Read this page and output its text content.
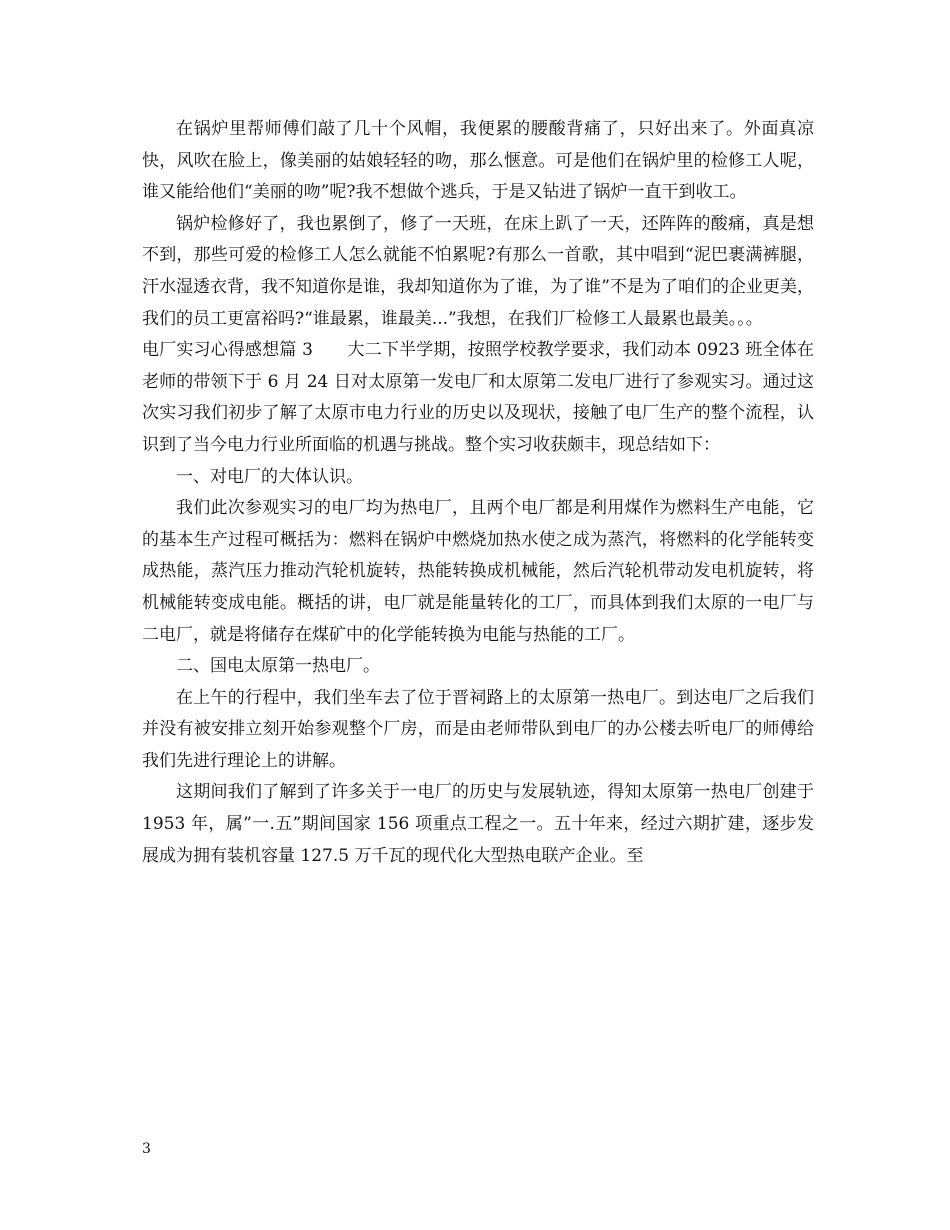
在锅炉里帮师傅们敲了几十个风帽，我便累的腰酸背痛了，只好出来了。外面真凉快，风吹在脸上，像美丽的姑娘轻轻的吻，那么惬意。可是他们在锅炉里的检修工人呢，谁又能给他们“美丽的吻”呢?我不想做个逃兵，于是又钻进了锅炉一直干到收工。

锅炉检修好了，我也累倒了，修了一天班，在床上趴了一天，还阵阵的酸痛，真是想不到，那些可爱的检修工人怎么就能不怕累呢?有那么一首歌，其中唱到“泥巴裹满裤腿，汗水湿透衣背，我不知道你是谁，我却知道你为了谁，为了谁”不是为了咱们的企业更美，我们的员工更富裕吗?“谁最累，谁最美...”我想，在我们厂检修工人最累也最美。。。

电厂实习心得感想篇 3　　大二下半学期，按照学校教学要求，我们动本 0923 班全体在老师的带领下于 6 月 24 日对太原第一发电厂和太原第二发电厂进行了参观实习。通过这次实习我们初步了解了太原市电力行业的历史以及现状，接触了电厂生产的整个流程，认识到了当今电力行业所面临的机遇与挑战。整个实习收获颇丰，现总结如下：

一、对电厂的大体认识。

我们此次参观实习的电厂均为热电厂，且两个电厂都是利用煤作为燃料生产电能，它的基本生产过程可概括为：燃料在锅炉中燃烧加热水使之成为蒸汽，将燃料的化学能转变成热能，蒸汽压力推动汽轮机旋转，热能转换成机械能，然后汽轮机带动发电机旋转，将机械能转变成电能。概括的讲，电厂就是能量转化的工厂，而具体到我们太原的一电厂与二电厂，就是将储存在煤矿中的化学能转换为电能与热能的工厂。

二、国电太原第一热电厂。

在上午的行程中，我们坐车去了位于晋祠路上的太原第一热电厂。到达电厂之后我们并没有被安排立刻开始参观整个厂房，而是由老师带队到电厂的办公楼去听电厂的师傅给我们先进行理论上的讲解。

这期间我们了解到了许多关于一电厂的历史与发展轨迹，得知太原第一热电厂创建于 1953 年，属”一.五”期间国家 156 项重点工程之一。五十年来，经过六期扩建，逐步发展成为拥有装机容量 127.5 万千瓦的现代化大型热电联产企业。至

3
